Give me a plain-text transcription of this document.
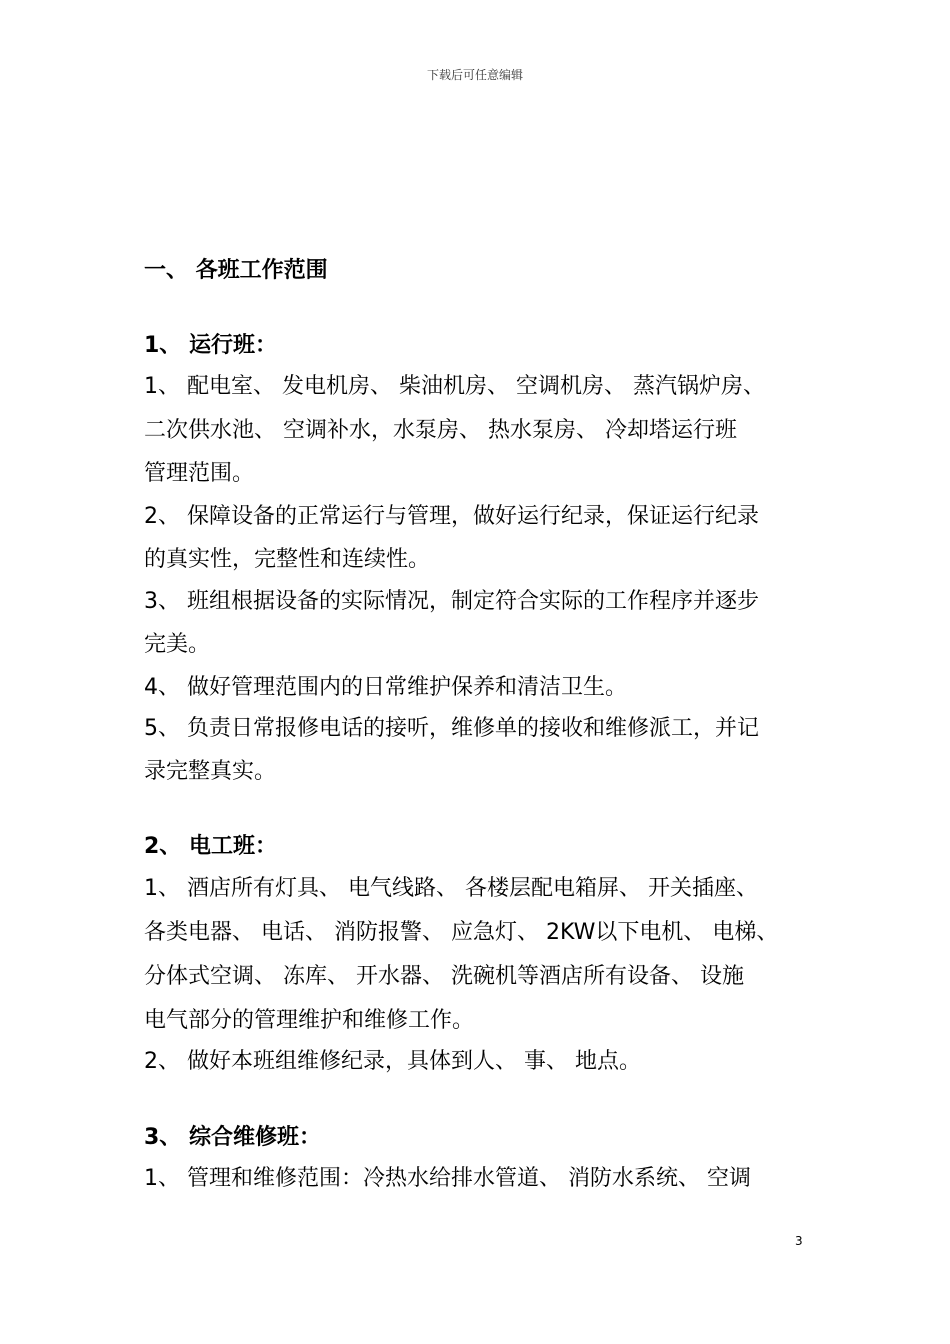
下载后可任意编辑
一、 各班工作范围
1、 运行班：
1、 配电室、 发电机房、 柴油机房、 空调机房、 蒸汽锅炉房、
二次供水池、 空调补水，水泵房、 热水泵房、 冷却塔运行班
管理范围。
2、 保障设备的正常运行与管理，做好运行纪录，保证运行纪录
的真实性，完整性和连续性。
3、 班组根据设备的实际情况，制定符合实际的工作程序并逐步
完美。
4、 做好管理范围内的日常维护保养和清洁卫生。
5、 负责日常报修电话的接听，维修单的接收和维修派工，并记
录完整真实。
2、 电工班：
1、 酒店所有灯具、 电气线路、 各楼层配电箱屏、 开关插座、
各类电器、 电话、 消防报警、 应急灯、 2KW以下电机、 电梯、
分体式空调、 冻库、 开水器、 洗碗机等酒店所有设备、 设施
电气部分的管理维护和维修工作。
2、 做好本班组维修纪录，具体到人、 事、 地点。
3、 综合维修班：
1、 管理和维修范围：冷热水给排水管道、 消防水系统、 空调
3
